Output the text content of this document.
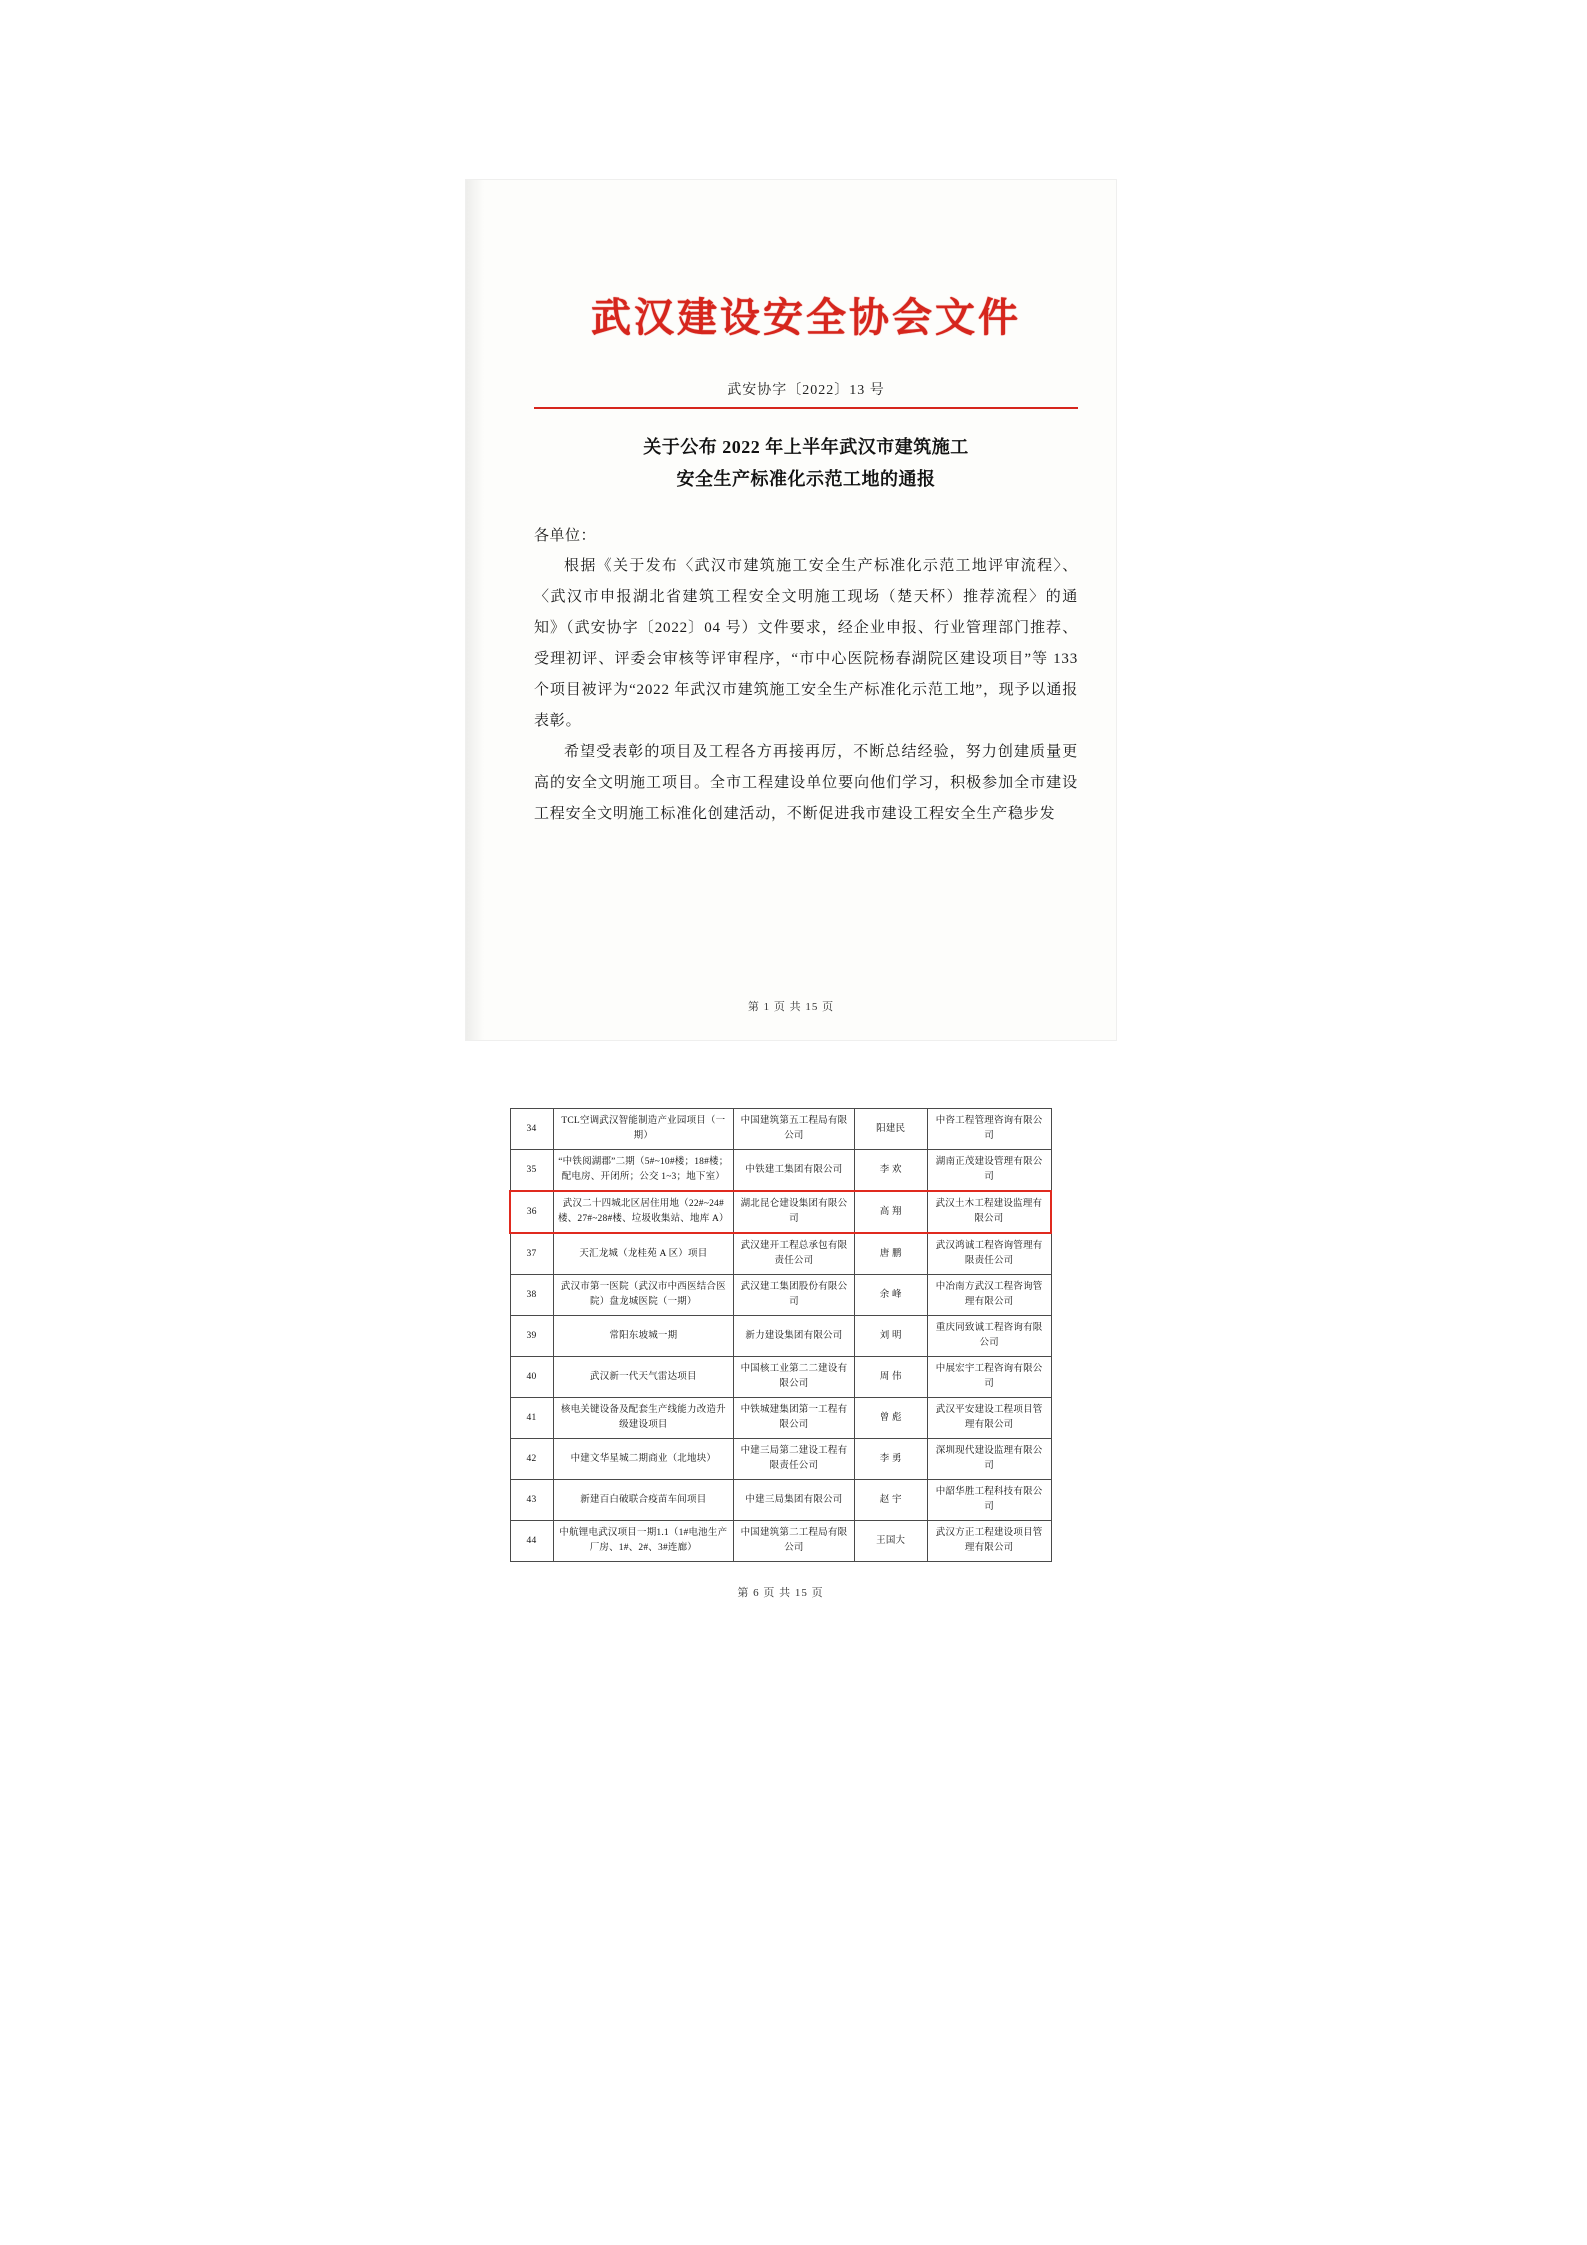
武汉建设安全协会文件
武安协字〔2022〕13 号
关于公布 2022 年上半年武汉市建筑施工
安全生产标准化示范工地的通报
各单位：
根据《关于发布〈武汉市建筑施工安全生产标准化示范工地评审流程〉、〈武汉市申报湖北省建筑工程安全文明施工现场（楚天杯）推荐流程〉的通知》（武安协字〔2022〕04 号）文件要求，经企业申报、行业管理部门推荐、受理初评、评委会审核等评审程序，“市中心医院杨春湖院区建设项目”等 133 个项目被评为“2022 年武汉市建筑施工安全生产标准化示范工地”，现予以通报表彰。
希望受表彰的项目及工程各方再接再厉，不断总结经验，努力创建质量更高的安全文明施工项目。全市工程建设单位要向他们学习，积极参加全市建设工程安全文明施工标准化创建活动，不断促进我市建设工程安全生产稳步发
第 1 页 共 15 页
34	TCL空调武汉智能制造产业园项目（一期）	中国建筑第五工程局有限公司	阳建民	中咨工程管理咨询有限公司
35	“中铁阅湖郡”二期（5#~10#楼；18#楼；配电房、开闭所；公交 1~3；地下室）	中铁建工集团有限公司	李 欢	湖南正茂建设管理有限公司
36	武汉二十四城北区居住用地（22#~24#楼、27#~28#楼、垃圾收集站、地库 A）	湖北昆仑建设集团有限公司	高 翔	武汉土木工程建设监理有限公司
37	天汇龙城（龙桂苑 A 区）项目	武汉建开工程总承包有限责任公司	唐 鹏	武汉鸿诚工程咨询管理有限责任公司
38	武汉市第一医院（武汉市中西医结合医院）盘龙城医院（一期）	武汉建工集团股份有限公司	余 峰	中冶南方武汉工程咨询管理有限公司
39	常阳东坡城一期	新力建设集团有限公司	刘 明	重庆同致诚工程咨询有限公司
40	武汉新一代天气雷达项目	中国核工业第二二建设有限公司	周 伟	中展宏宇工程咨询有限公司
41	核电关键设备及配套生产线能力改造升级建设项目	中铁城建集团第一工程有限公司	曾 彪	武汉平安建设工程项目管理有限公司
42	中建文华星城二期商业（北地块）	中建三局第二建设工程有限责任公司	李 勇	深圳现代建设监理有限公司
43	新建百白破联合疫苗车间项目	中建三局集团有限公司	赵 宇	中韶华胜工程科技有限公司
44	中航锂电武汉项目一期1.1（1#电池生产厂房、1#、2#、3#连廊）	中国建筑第二工程局有限公司	王国大	武汉方正工程建设项目管理有限公司
第 6 页 共 15 页
